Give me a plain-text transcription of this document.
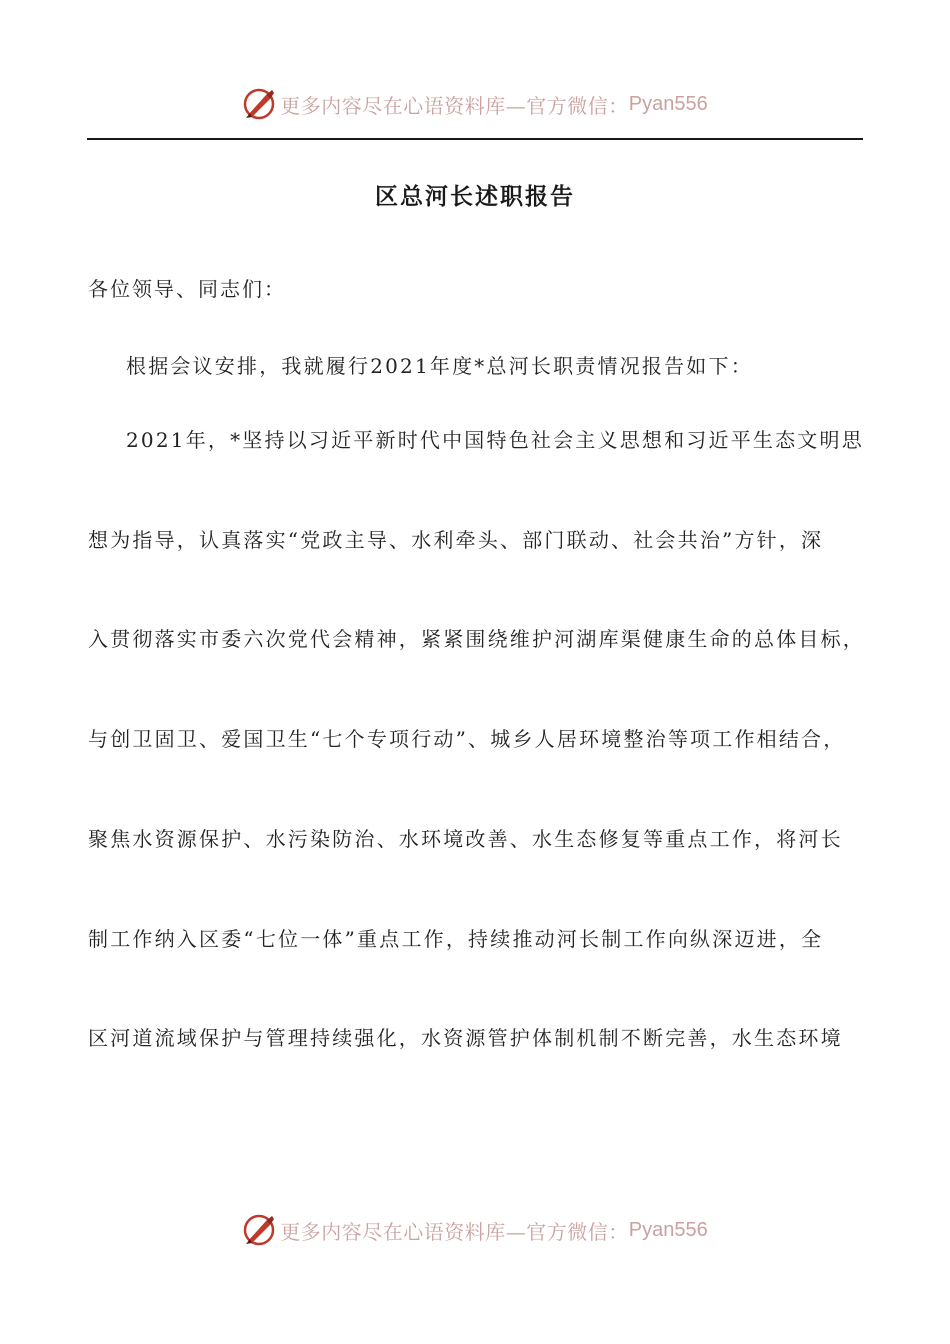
更多内容尽在心语资料库—官方微信： Pyan556
区总河长述职报告
各位领导、同志们：
根据会议安排，我就履行2021年度*总河长职责情况报告如下：
2021年，*坚持以习近平新时代中国特色社会主义思想和习近平生态文明思
想为指导，认真落实“党政主导、水利牵头、部门联动、社会共治”方针，深
入贯彻落实市委六次党代会精神，紧紧围绕维护河湖库渠健康生命的总体目标，
与创卫固卫、爱国卫生“七个专项行动”、城乡人居环境整治等项工作相结合，
聚焦水资源保护、水污染防治、水环境改善、水生态修复等重点工作，将河长
制工作纳入区委“七位一体”重点工作，持续推动河长制工作向纵深迈进，全
区河道流域保护与管理持续强化，水资源管护体制机制不断完善，水生态环境
更多内容尽在心语资料库—官方微信： Pyan556
